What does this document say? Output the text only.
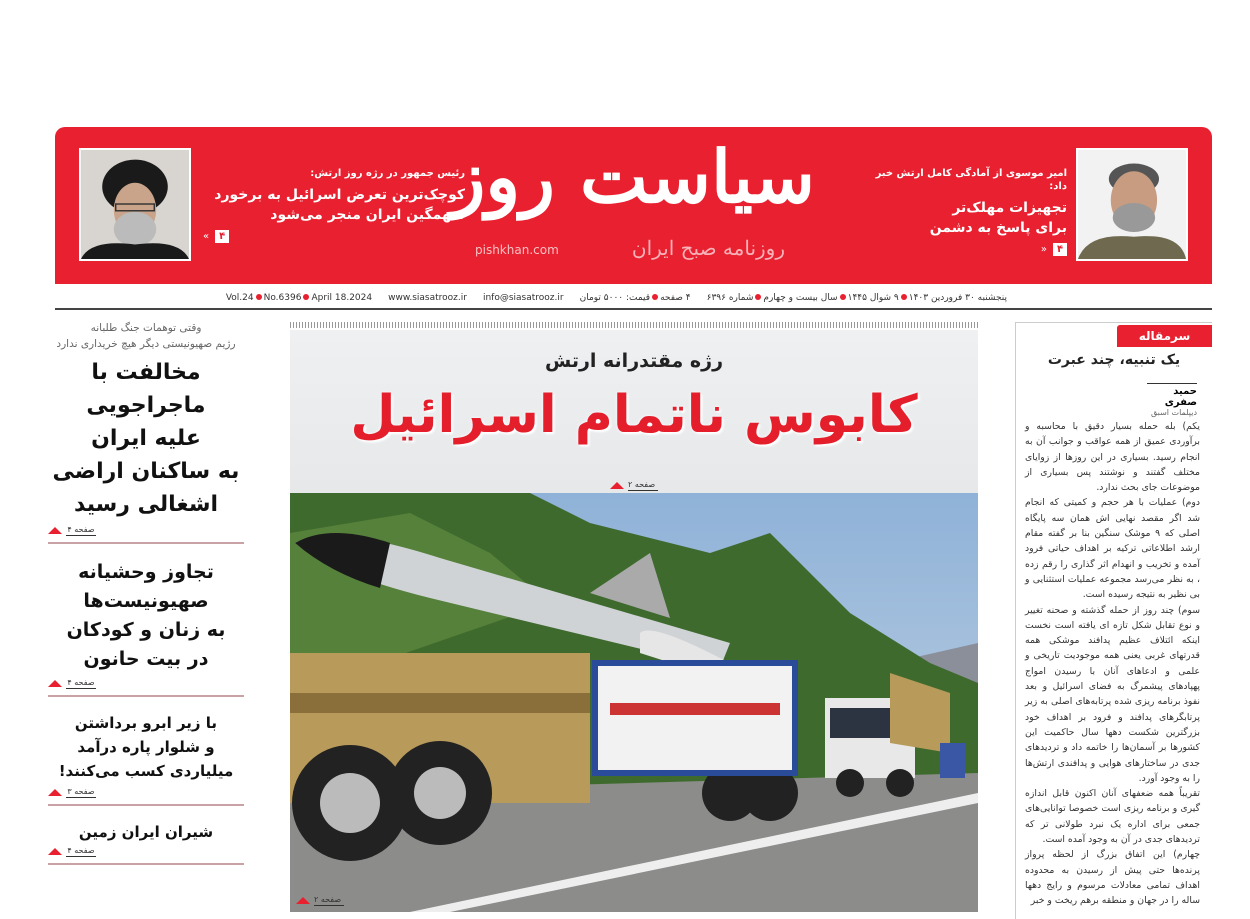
رئیس جمهور در رژه روز ارتش:
کوچک‌ترین تعرض اسرائیل به برخورد
سهمگین ایران منجر می‌شود
« ۴
سیاست روز
روزنامه صبح ایران
pishkhan.com
امیر موسوی از آمادگی کامل ارتش خبر داد:
تجهیزات مهلک‌تر
برای پاسخ به دشمن
» ۴
پنجشنبه ۳۰ فروردین ۱۴۰۳۹ شوال ۱۴۴۵سال بیست و چهارمشماره ۶۳۹۶
۴ صفحهقیمت: ۵۰۰۰ تومان
info@siasatrooz.ir
www.siasatrooz.ir
Vol.24 No.6396 April 18.2024
وقتی توهمات جنگ طلبانه
رژیم صهیونیستی دیگر هیچ خریداری ندارد
مخالفت با
ماجراجویی
علیه ایران
به ساکنان اراضی
اشغالی رسید
صفحه ۴
تجاوز وحشیانه
صهیونیست‌ها
به زنان و کودکان
در بیت حانون
صفحه ۴
با زیر ابرو برداشتن
و شلوار پاره درآمد
میلیاردی کسب می‌کنند!
صفحه ۳
شیران ایران زمین
صفحه ۴
رژه مقتدرانه ارتش
کابوس ناتمام اسرائیل
صفحه ۲
صفحه ۲
سرمقاله
یک تنبیه، چند عبرت
حمید صفری
دیپلمات اسبق

یکم) بله حمله بسیار دقیق با محاسبه و برآوردی عمیق از همه عواقب و جوانب آن به انجام رسید. بسیاری در این روزها از زوایای مختلف گفتند و نوشتند پس بسیاری از موضوعات جای بحث ندارد.

دوم) عملیات با هر حجم و کمیتی که انجام شد اگر مقصد نهایی اش همان سه پایگاه اصلی که ۹ موشک سنگین بنا بر گفته مقام ارشد اطلاعاتی ترکیه بر اهداف حیاتی فرود آمده و تخریب و انهدام اثر گذاری را رقم زده ، به نظر می‌رسد مجموعه عملیات استثنایی و بی نظیر به نتیجه رسیده است.

سوم) چند روز از حمله گذشته و صحنه تغییر و نوع تقابل شکل تازه ای یافته است نخست اینکه ائتلاف عظیم پدافند موشکی همه قدرتهای غربی یعنی همه موجودیت تاریخی و علمی و ادعاهای آنان با رسیدن امواج پهپادهای پیشمرگ به فضای اسرائیل و بعد نفوذ برنامه ریزی شده پرتابه‌های اصلی به زیر پرتابگرهای پدافند و فرود بر اهداف خود بزرگترین شکست دهها سال حاکمیت این کشورها بر آسمان‌ها را خاتمه داد و تردیدهای جدی در ساختارهای هوایی و پدافندی ارتش‌ها را به وجود آورد.

تقریباً همه ضعفهای آنان اکنون قابل اندازه گیری و برنامه ریزی است خصوصا توانایی‌های جمعی برای اداره یک نبرد طولانی تر که تردیدهای جدی در آن به وجود آمده است.

چهارم) این اتفاق بزرگ از لحظه پرواز پرنده‌ها حتی پیش از رسیدن به محدوده اهداف تمامی معادلات مرسوم و رایج دهها ساله را در جهان و منطقه برهم ریخت و خبر
